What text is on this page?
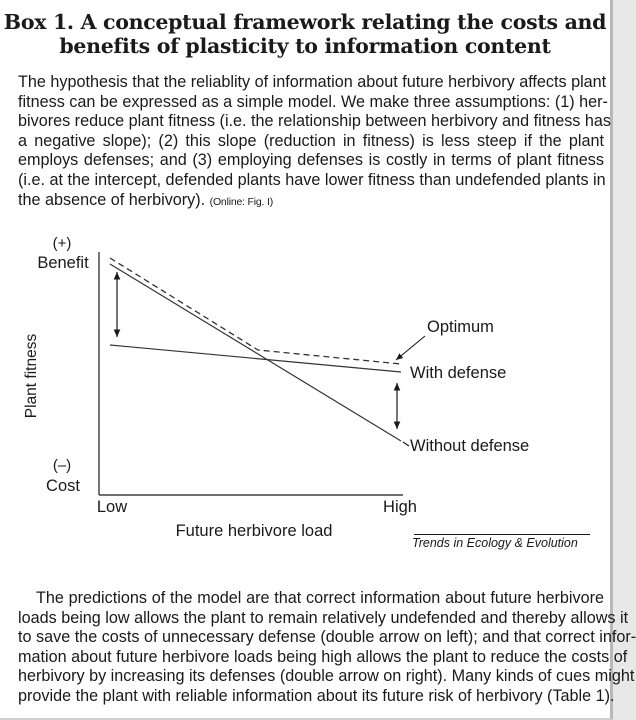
Box 1. A conceptual framework relating the costs and
benefits of plasticity to information content
The hypothesis that the reliablity of information about future herbivory affects plant
fitness can be expressed as a simple model. We make three assumptions: (1) her-
bivores reduce plant fitness (i.e. the relationship between herbivory and fitness has
a negative slope); (2) this slope (reduction in fitness) is less steep if the plant
employs defenses; and (3) employing defenses is costly in terms of plant fitness
(i.e. at the intercept, defended plants have lower fitness than undefended plants in
the absence of herbivory). (Online: Fig. I)
Plant fitness
(+)
Benefit
(–)
Cost
Low	High
Future herbivore load
Optimum
With defense
Without defense
Trends in Ecology & Evolution
The predictions of the model are that correct information about future herbivore
loads being low allows the plant to remain relatively undefended and thereby allows it
to save the costs of unnecessary defense (double arrow on left); and that correct infor-
mation about future herbivore loads being high allows the plant to reduce the costs of
herbivory by increasing its defenses (double arrow on right). Many kinds of cues might
provide the plant with reliable information about its future risk of herbivory (Table 1).
